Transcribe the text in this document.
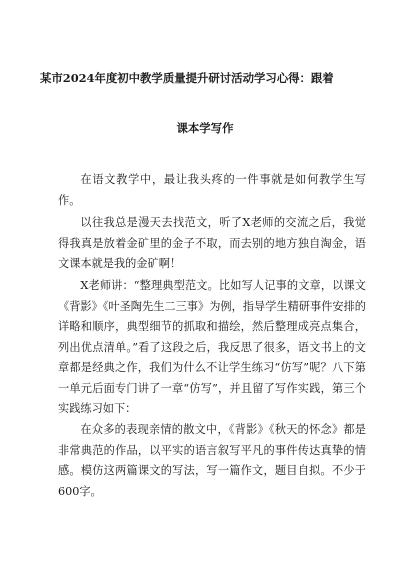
某市2024年度初中教学质量提升研讨活动学习心得：跟着
课本学写作

在语文教学中，最让我头疼的一件事就是如何教学生写作。

以往我总是漫天去找范文，听了X老师的交流之后，我觉得我真是放着金矿里的金子不取，而去别的地方独自淘金，语文课本就是我的金矿啊！

X老师讲：“整理典型范文。比如写人记事的文章，以课文《背影》《叶圣陶先生二三事》为例，指导学生精研事件安排的详略和顺序，典型细节的抓取和描绘，然后整理成亮点集合，列出优点清单。”看了这段之后，我反思了很多，语文书上的文章都是经典之作，我们为什么不让学生练习“仿写”呢？八下第一单元后面专门讲了一章“仿写”，并且留了写作实践，第三个实践练习如下：

在众多的表现亲情的散文中，《背影》《秋天的怀念》都是非常典范的作品，以平实的语言叙写平凡的事件传达真挚的情感。模仿这两篇课文的写法，写一篇作文，题目自拟。不少于600字。
